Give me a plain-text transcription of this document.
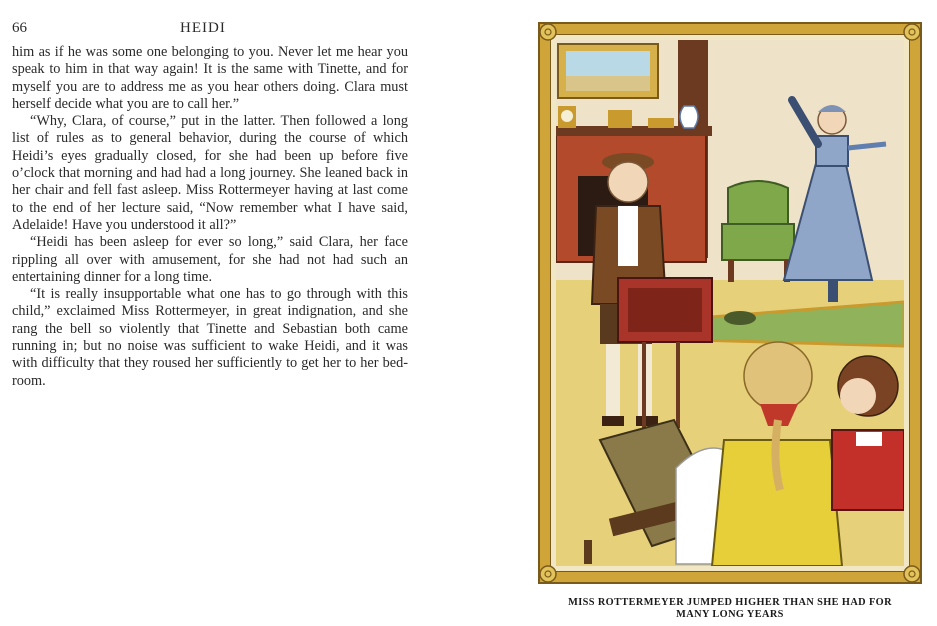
66	HEIDI

him as if he was some one belonging to you. Never let me hear you speak to him in that way again! It is the same with Tinette, and for myself you are to address me as you hear others doing. Clara must herself decide what you are to call her.”

“Why, Clara, of course,” put in the latter. Then followed a long list of rules as to general behavior, during the course of which Heidi’s eyes gradually closed, for she had been up before five o’clock that morning and had had a long journey. She leaned back in her chair and fell fast asleep. Miss Rottermeyer having at last come to the end of her lecture said, “Now remember what I have said, Adelaide! Have you understood it all?”

“Heidi has been asleep for ever so long,” said Clara, her face rippling all over with amusement, for she had not had such an entertaining dinner for a long time.

“It is really insupportable what one has to go through with this child,” exclaimed Miss Rottermeyer, in great indignation, and she rang the bell so violently that Tinette and Sebastian both came running in; but no noise was sufficient to wake Heidi, and it was with difficulty that they roused her sufficiently to get her to her bed-room.

MISS ROTTERMEYER JUMPED HIGHER THAN SHE HAD FOR
MANY LONG YEARS
